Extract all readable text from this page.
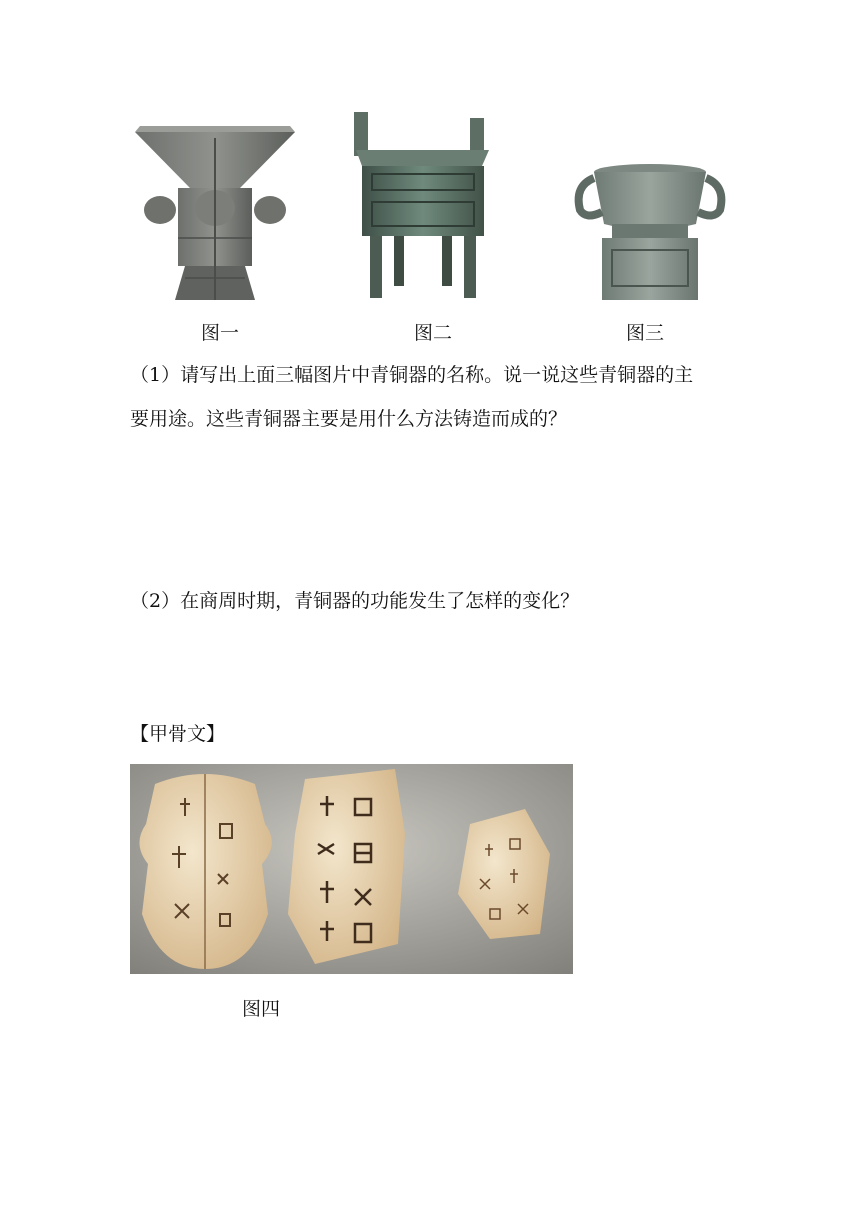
图一	图二	图三
（1）请写出上面三幅图片中青铜器的名称。说一说这些青铜器的主
要用途。这些青铜器主要是用什么方法铸造而成的？
（2）在商周时期，青铜器的功能发生了怎样的变化？
【甲骨文】
图四
